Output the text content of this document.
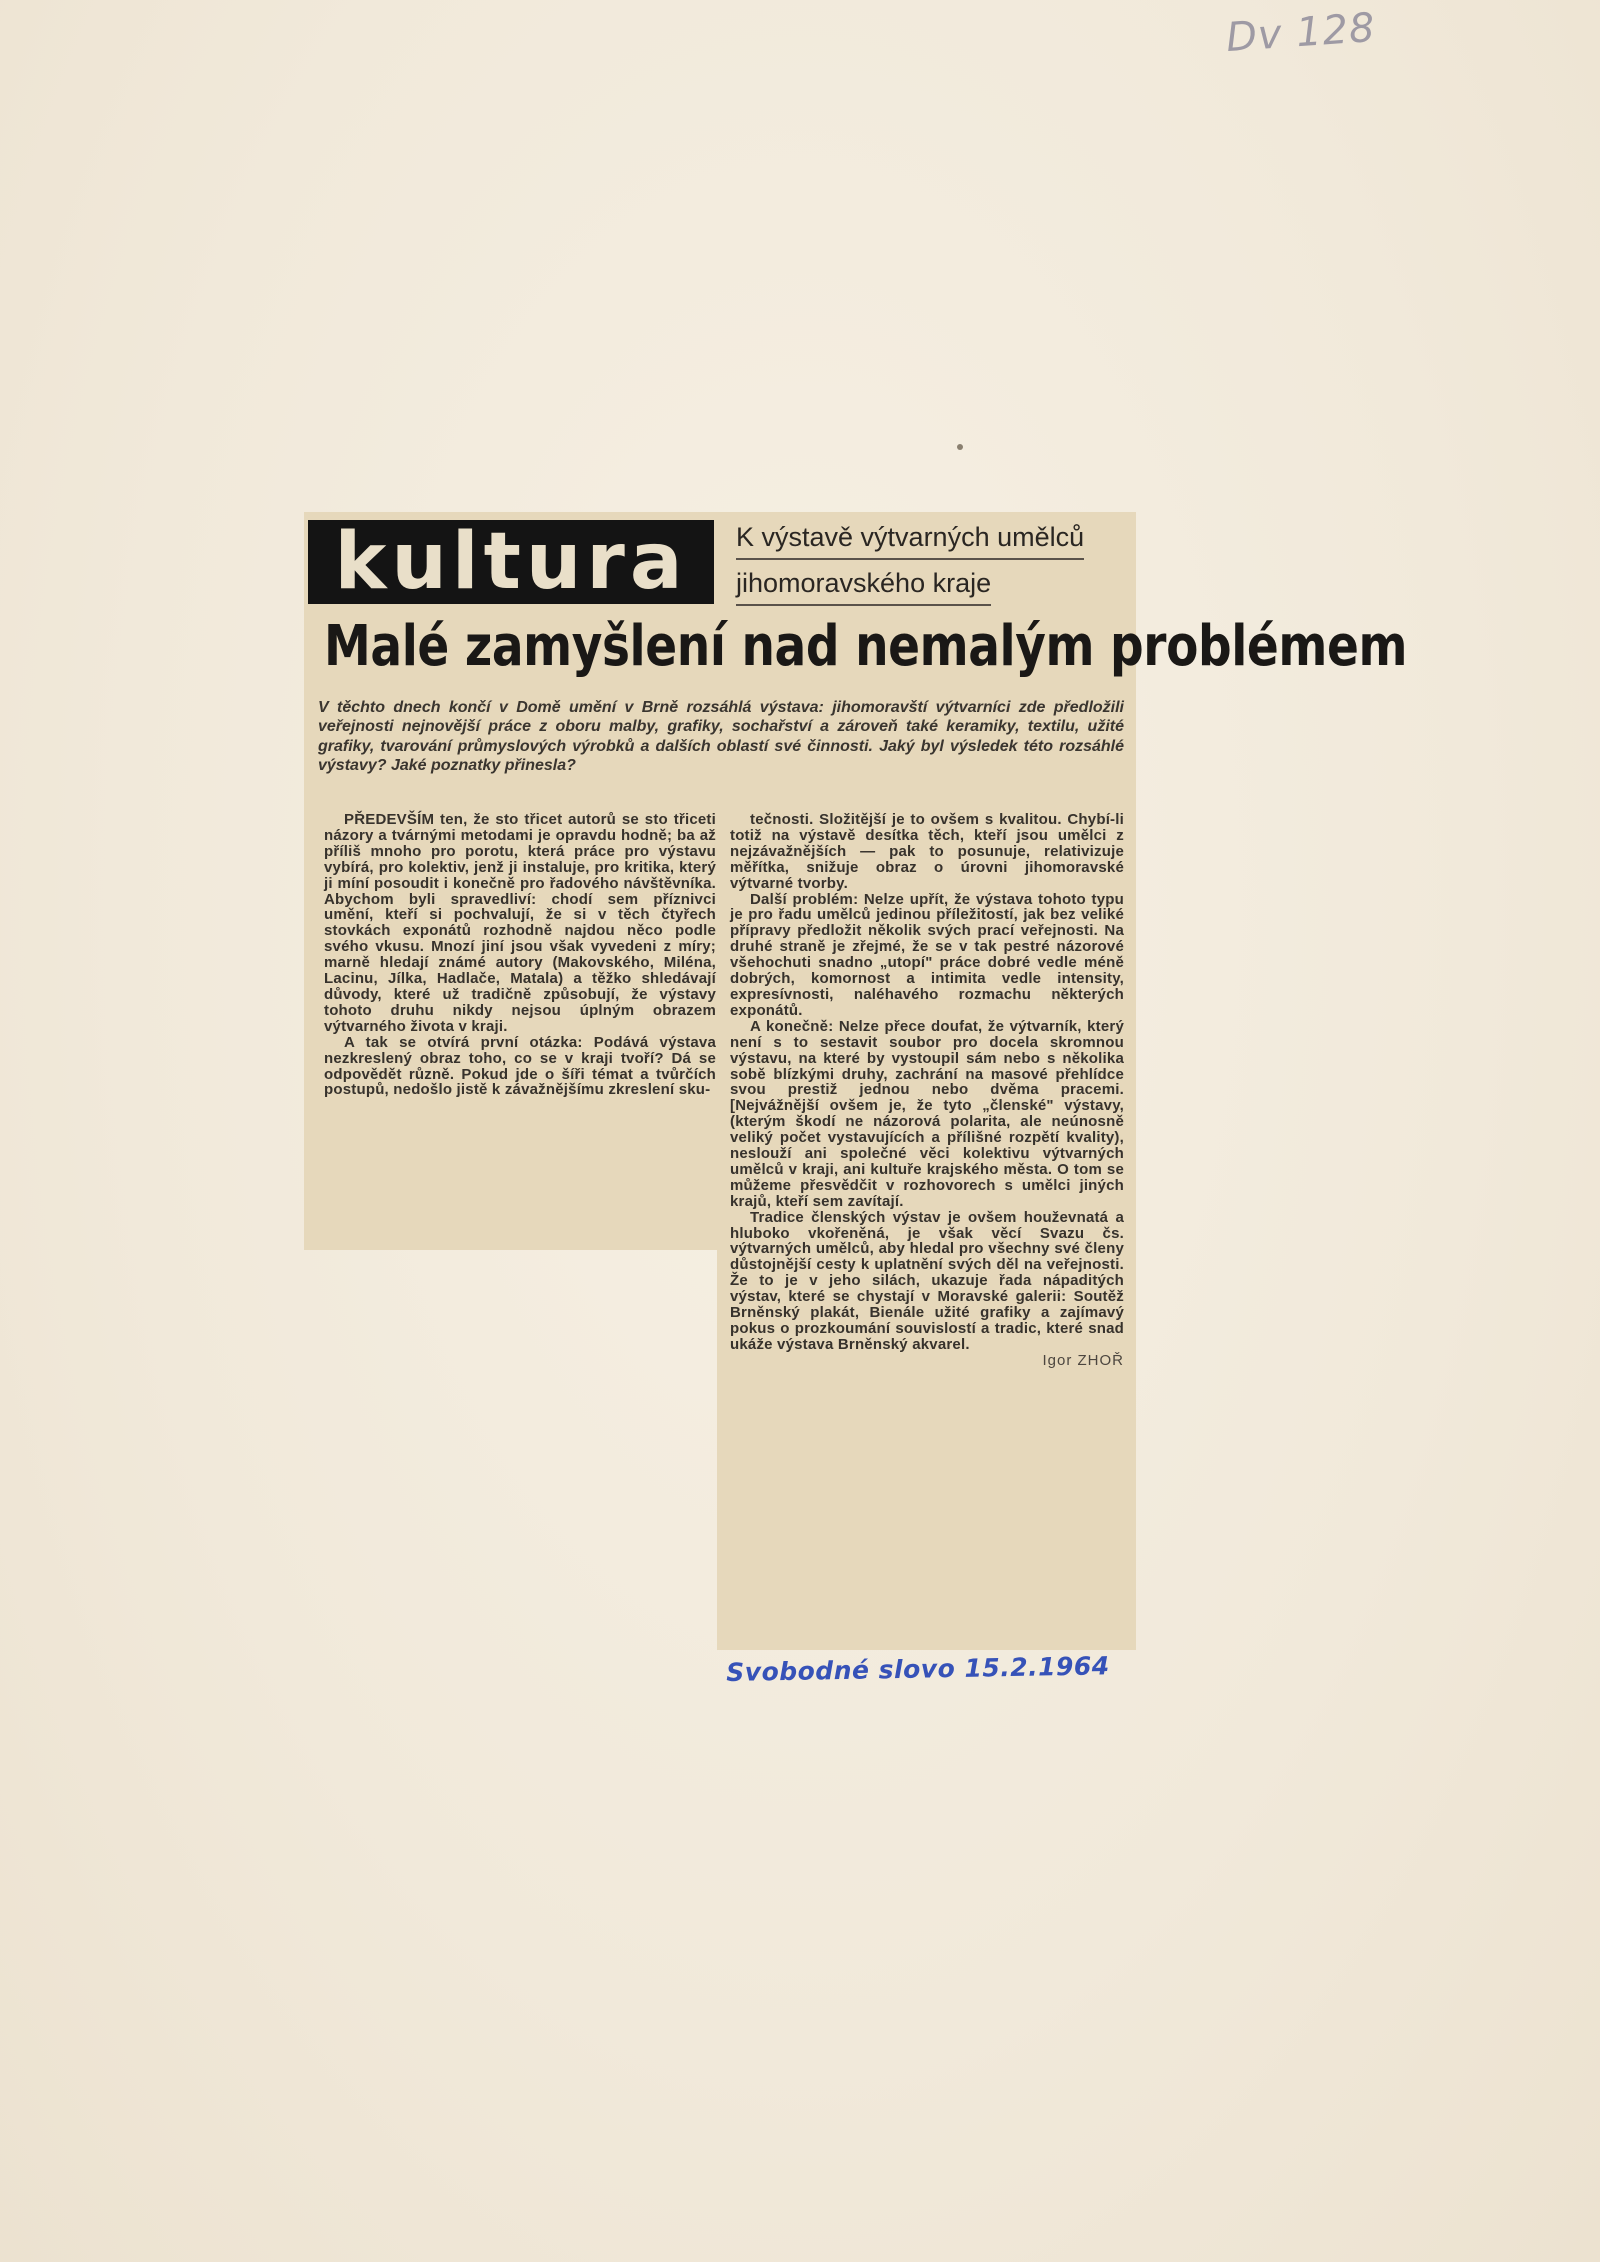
Dv 128
kultura	K výstavě výtvarných umělců
jihomoravského kraje
Malé zamyšlení nad nemalým problémem
V těchto dnech končí v Domě umění v Brně rozsáhlá výstava: jihomoravští výtvarníci zde předložili veřejnosti nejnovější práce z oboru malby, grafiky, sochařství a zároveň také keramiky, textilu, užité grafiky, tvarování průmyslových výrobků a dalších oblastí své činnosti. Jaký byl výsledek této rozsáhlé výstavy? Jaké poznatky přinesla?

PŘEDEVŠÍM ten, že sto třicet autorů se sto třiceti názory a tvárnými metodami je opravdu hodně; ba až příliš mnoho pro porotu, která práce pro výstavu vybírá, pro kolektiv, jenž ji instaluje, pro kritika, který ji míní posoudit i konečně pro řadového návštěvníka. Abychom byli spravedliví: chodí sem příznivci umění, kteří si pochvalují, že si v těch čtyřech stovkách exponátů rozhodně najdou něco podle svého vkusu. Mnozí jiní jsou však vyvedeni z míry; marně hledají známé autory (Makovského, Miléna, Lacinu, Jílka, Hadlače, Matala) a těžko shledávají důvody, které už tradičně způsobují, že výstavy tohoto druhu nikdy nejsou úplným obrazem výtvarného života v kraji.

A tak se otvírá první otázka: Podává výstava nezkreslený obraz toho, co se v kraji tvoří? Dá se odpovědět různě. Pokud jde o šíři témat a tvůrčích postupů, nedošlo jistě k závažnějšímu zkreslení sku-

tečnosti. Složitější je to ovšem s kvalitou. Chybí-li totiž na výstavě desítka těch, kteří jsou umělci z nejzávažnějších — pak to posunuje, relativizuje měřítka, snižuje obraz o úrovni jihomoravské výtvarné tvorby.

Další problém: Nelze upřít, že výstava tohoto typu je pro řadu umělců jedinou příležitostí, jak bez veliké přípravy předložit několik svých prací veřejnosti. Na druhé straně je zřejmé, že se v tak pestré názorové všehochuti snadno „utopí" práce dobré vedle méně dobrých, komornost a intimita vedle intensity, expresívnosti, naléhavého rozmachu některých exponátů.

A konečně: Nelze přece doufat, že výtvarník, který není s to sestavit soubor pro docela skromnou výstavu, na které by vystoupil sám nebo s několika sobě blízkými druhy, zachrání na masové přehlídce svou prestiž jednou nebo dvěma pracemi. [Nejvážnější ovšem je, že tyto „členské" výstavy, (kterým škodí ne názorová polarita, ale neúnosně veliký počet vystavujících a přílišné rozpětí kvality), neslouží ani společné věci kolektivu výtvarných umělců v kraji, ani kultuře krajského města. O tom se můžeme přesvědčit v rozhovorech s umělci jiných krajů, kteří sem zavítají.

Tradice členských výstav je ovšem houževnatá a hluboko vkořeněná, je však věcí Svazu čs. výtvarných umělců, aby hledal pro všechny své členy důstojnější cesty k uplatnění svých děl na veřejnosti. Že to je v jeho silách, ukazuje řada nápaditých výstav, které se chystají v Moravské galerii: Soutěž Brněnský plakát, Bienále užité grafiky a zajímavý pokus o prozkoumání souvislostí a tradic, které snad ukáže výstava Brněnský akvarel.

Igor ZHOŘ
Svobodné slovo 15.2.1964
